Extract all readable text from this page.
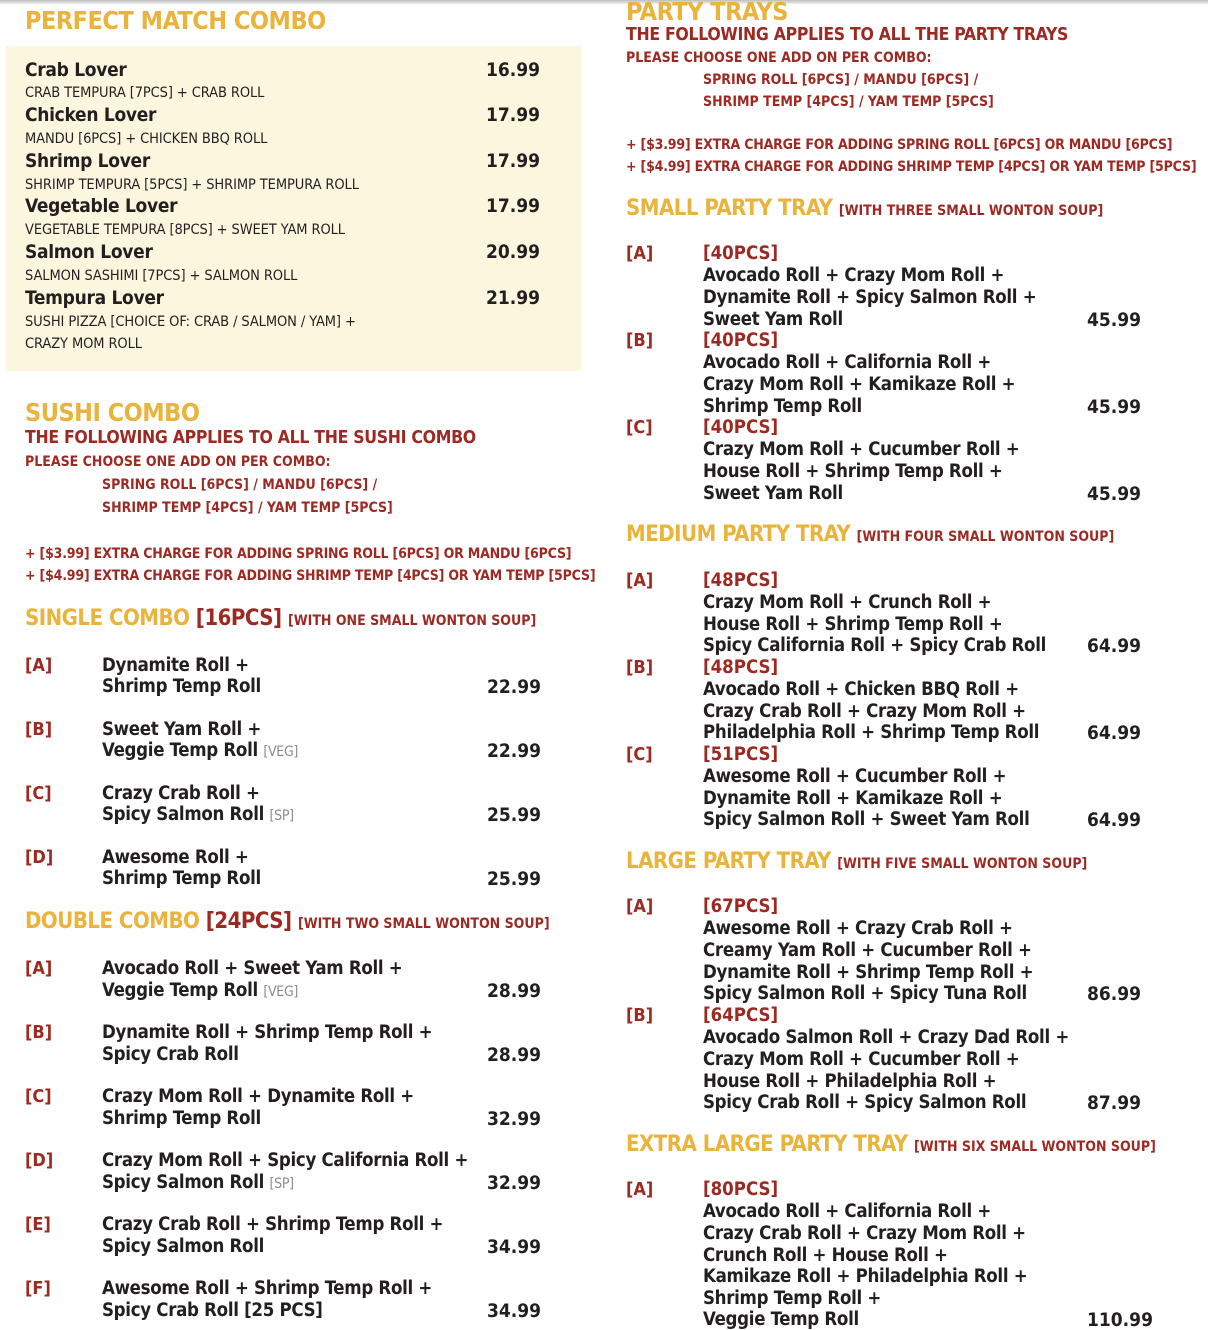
PERFECT MATCH COMBO
Crab Lover
CRAB TEMPURA [7PCS] + CRAB ROLL
16.99
Chicken Lover
MANDU [6PCS] + CHICKEN BBQ ROLL
17.99
Shrimp Lover
SHRIMP TEMPURA [5PCS] + SHRIMP TEMPURA ROLL
17.99
Vegetable Lover
VEGETABLE TEMPURA [8PCS] + SWEET YAM ROLL
17.99
Salmon Lover
SALMON SASHIMI [7PCS] + SALMON ROLL
20.99
Tempura Lover
SUSHI PIZZA [CHOICE OF: CRAB / SALMON / YAM] +
CRAZY MOM ROLL
21.99
SUSHI COMBO
THE FOLLOWING APPLIES TO ALL THE SUSHI COMBO
PLEASE CHOOSE ONE ADD ON PER COMBO:
SPRING ROLL [6PCS] / MANDU [6PCS] /
SHRIMP TEMP [4PCS] / YAM TEMP [5PCS]
+ [$3.99] EXTRA CHARGE FOR ADDING SPRING ROLL [6PCS] OR MANDU [6PCS]
+ [$4.99] EXTRA CHARGE FOR ADDING SHRIMP TEMP [4PCS] OR YAM TEMP [5PCS]
SINGLE COMBO [16PCS] [WITH ONE SMALL WONTON SOUP]
[A]	Dynamite Roll +
Shrimp Temp Roll	22.99
[B]	Sweet Yam Roll +
Veggie Temp Roll [VEG]	22.99
[C]	Crazy Crab Roll +
Spicy Salmon Roll [SP]	25.99
[D]	Awesome Roll +
Shrimp Temp Roll	25.99
DOUBLE COMBO [24PCS] [WITH TWO SMALL WONTON SOUP]
[A]	Avocado Roll + Sweet Yam Roll +
Veggie Temp Roll [VEG]	28.99
[B]	Dynamite Roll + Shrimp Temp Roll +
Spicy Crab Roll	28.99
[C]	Crazy Mom Roll + Dynamite Roll +
Shrimp Temp Roll	32.99
[D]	Crazy Mom Roll + Spicy California Roll +
Spicy Salmon Roll [SP]	32.99
[E]	Crazy Crab Roll + Shrimp Temp Roll +
Spicy Salmon Roll	34.99
[F]	Awesome Roll + Shrimp Temp Roll +
Spicy Crab Roll [25 PCS]	34.99
PARTY TRAYS
THE FOLLOWING APPLIES TO ALL THE PARTY TRAYS
PLEASE CHOOSE ONE ADD ON PER COMBO:
SPRING ROLL [6PCS] / MANDU [6PCS] /
SHRIMP TEMP [4PCS] / YAM TEMP [5PCS]
+ [$3.99] EXTRA CHARGE FOR ADDING SPRING ROLL [6PCS] OR MANDU [6PCS]
+ [$4.99] EXTRA CHARGE FOR ADDING SHRIMP TEMP [4PCS] OR YAM TEMP [5PCS]
SMALL PARTY TRAY [WITH THREE SMALL WONTON SOUP]
[A]	[40PCS]
Avocado Roll + Crazy Mom Roll +
Dynamite Roll + Spicy Salmon Roll +
Sweet Yam Roll	45.99
[B]	[40PCS]
Avocado Roll + California Roll +
Crazy Mom Roll + Kamikaze Roll +
Shrimp Temp Roll	45.99
[C]	[40PCS]
Crazy Mom Roll + Cucumber Roll +
House Roll + Shrimp Temp Roll +
Sweet Yam Roll	45.99
MEDIUM PARTY TRAY [WITH FOUR SMALL WONTON SOUP]
[A]	[48PCS]
Crazy Mom Roll + Crunch Roll +
House Roll + Shrimp Temp Roll +
Spicy California Roll + Spicy Crab Roll 64.99
[B]	[48PCS]
Avocado Roll + Chicken BBQ Roll +
Crazy Crab Roll + Crazy Mom Roll +
Philadelphia Roll + Shrimp Temp Roll	64.99
[C]	[51PCS]
Awesome Roll + Cucumber Roll +
Dynamite Roll + Kamikaze Roll +
Spicy Salmon Roll + Sweet Yam Roll	64.99
LARGE PARTY TRAY [WITH FIVE SMALL WONTON SOUP]
[A]	[67PCS]
Awesome Roll + Crazy Crab Roll +
Creamy Yam Roll + Cucumber Roll +
Dynamite Roll + Shrimp Temp Roll +
Spicy Salmon Roll + Spicy Tuna Roll	86.99
[B]	[64PCS]
Avocado Salmon Roll + Crazy Dad Roll +
Crazy Mom Roll + Cucumber Roll +
House Roll + Philadelphia Roll +
Spicy Crab Roll + Spicy Salmon Roll	87.99
EXTRA LARGE PARTY TRAY [WITH SIX SMALL WONTON SOUP]
[A]	[80PCS]
Avocado Roll + California Roll +
Crazy Crab Roll + Crazy Mom Roll +
Crunch Roll + House Roll +
Kamikaze Roll + Philadelphia Roll +
Shrimp Temp Roll +
Veggie Temp Roll	110.99
